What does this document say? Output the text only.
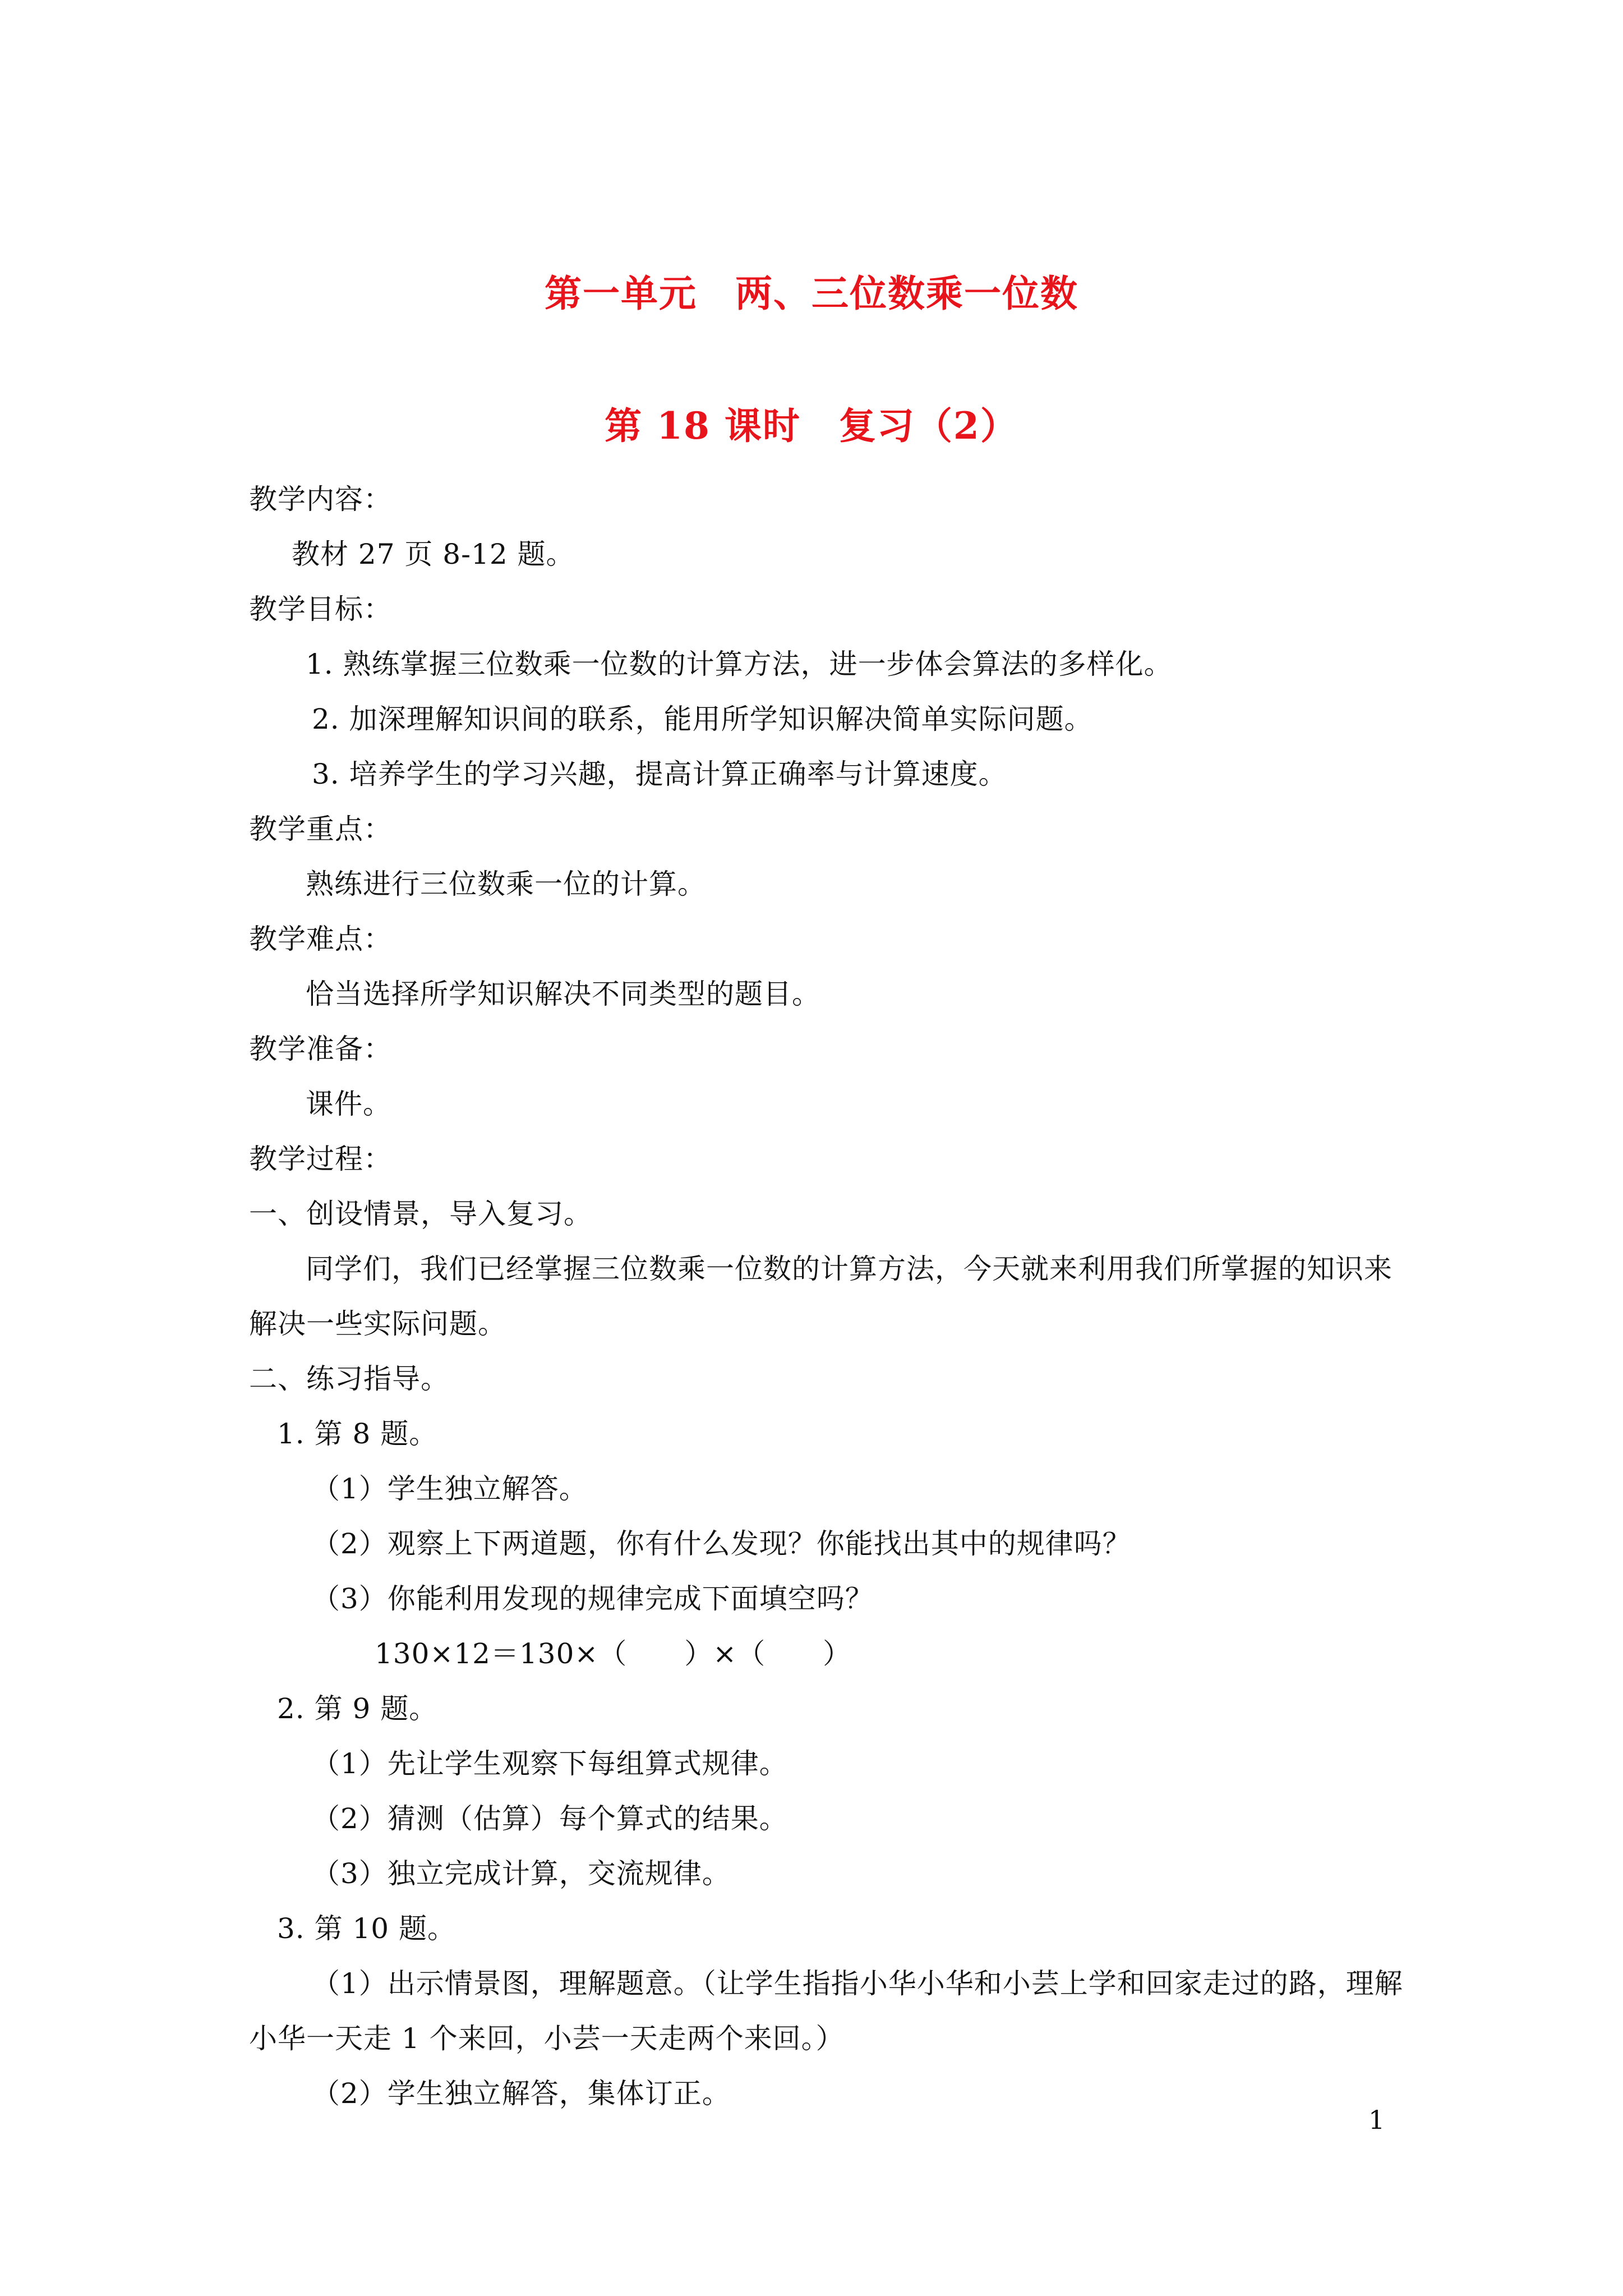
第一单元　两、三位数乘一位数
第 18 课时　复习（2）
教学内容：
教材 27 页 8-12 题。
教学目标：
1. 熟练掌握三位数乘一位数的计算方法，进一步体会算法的多样化。
2. 加深理解知识间的联系，能用所学知识解决简单实际问题。
3. 培养学生的学习兴趣，提高计算正确率与计算速度。
教学重点：
熟练进行三位数乘一位的计算。
教学难点：
恰当选择所学知识解决不同类型的题目。
教学准备：
课件。
教学过程：
一、创设情景，导入复习。
同学们，我们已经掌握三位数乘一位数的计算方法，今天就来利用我们所掌握的知识来
解决一些实际问题。
二、练习指导。
1. 第 8 题。
（1）学生独立解答。
（2）观察上下两道题，你有什么发现？你能找出其中的规律吗？
（3）你能利用发现的规律完成下面填空吗？
130×12＝130×（　　）×（　　）
2. 第 9 题。
（1）先让学生观察下每组算式规律。
（2）猜测（估算）每个算式的结果。
（3）独立完成计算，交流规律。
3. 第 10 题。
（1）出示情景图，理解题意。（让学生指指小华小华和小芸上学和回家走过的路，理解
小华一天走 1 个来回，小芸一天走两个来回。）
（2）学生独立解答，集体订正。
1
